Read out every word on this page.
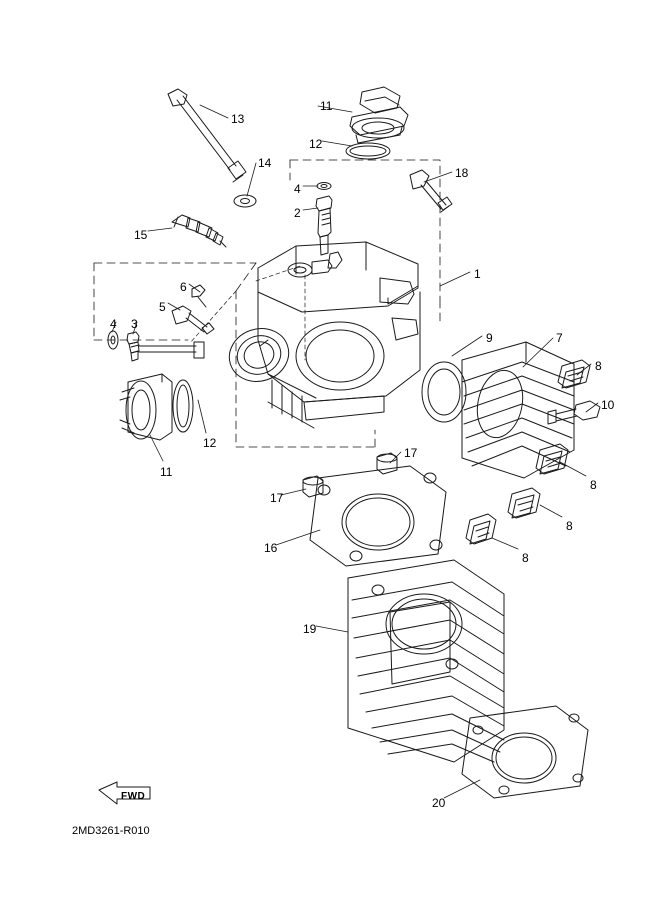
13
11
12
14
18
4
2
15
1
6
5
4 3
9	7
8
10
12
11
8
17
17
8
16
8
19
20
FWD
2MD3261-R010
